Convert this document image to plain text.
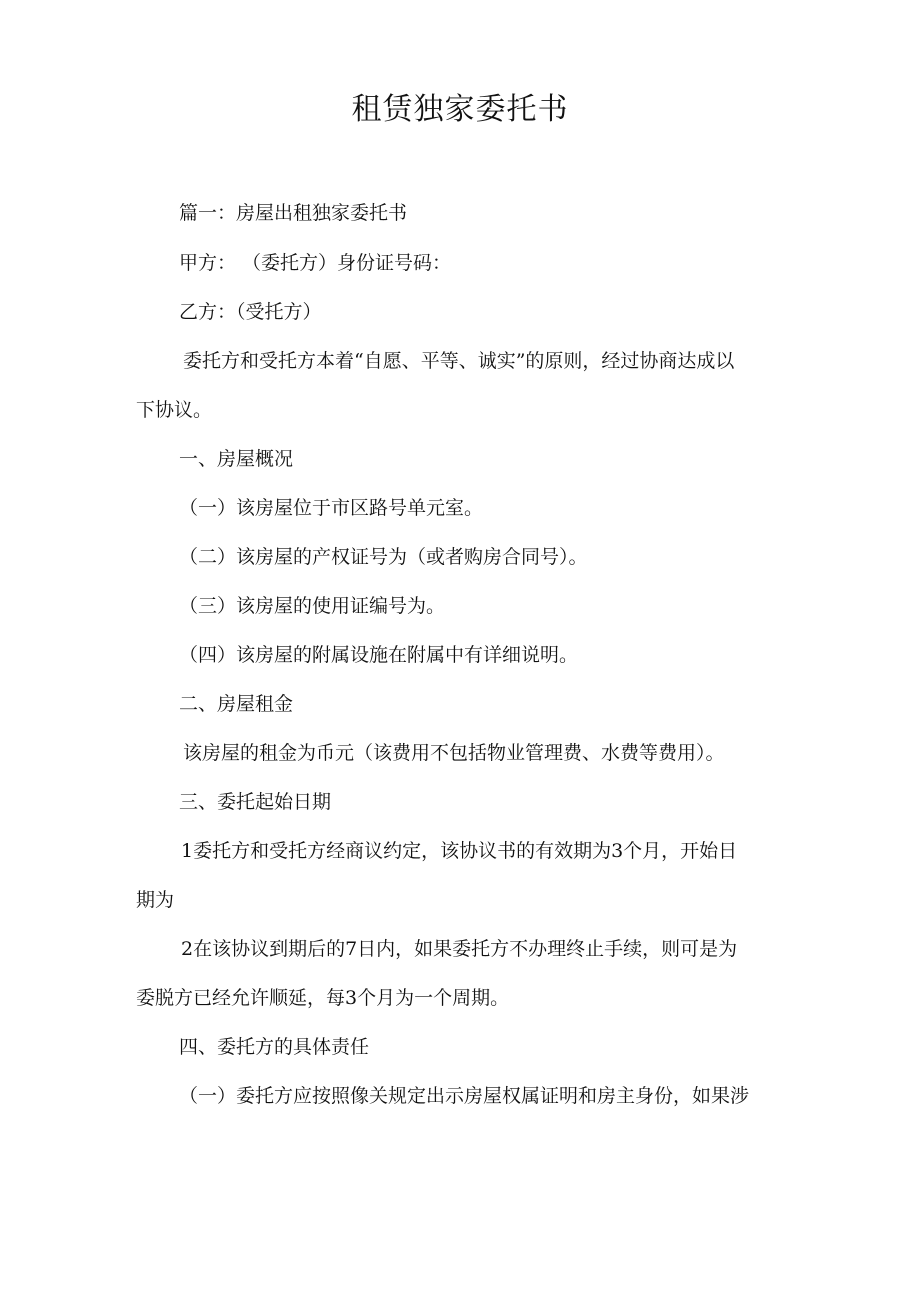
租赁独家委托书
篇一：房屋出租独家委托书
甲方： （委托方）身份证号码：
乙方：（受托方）
委托方和受托方本着“自愿、平等、诚实”的原则，经过协商达成以
下协议。
一、房屋概况
（一）该房屋位于市区路号单元室。
（二）该房屋的产权证号为（或者购房合同号）。
（三）该房屋的使用证编号为。
（四）该房屋的附属设施在附属中有详细说明。
二、房屋租金
该房屋的租金为币元（该费用不包括物业管理费、水费等费用）。
三、委托起始日期
1委托方和受托方经商议约定，该协议书的有效期为3个月，开始日
期为
2在该协议到期后的7日内，如果委托方不办理终止手续，则可是为
委脱方已经允许顺延，每3个月为一个周期。
四、委托方的具体责任
（一）委托方应按照像关规定出示房屋权属证明和房主身份，如果涉
